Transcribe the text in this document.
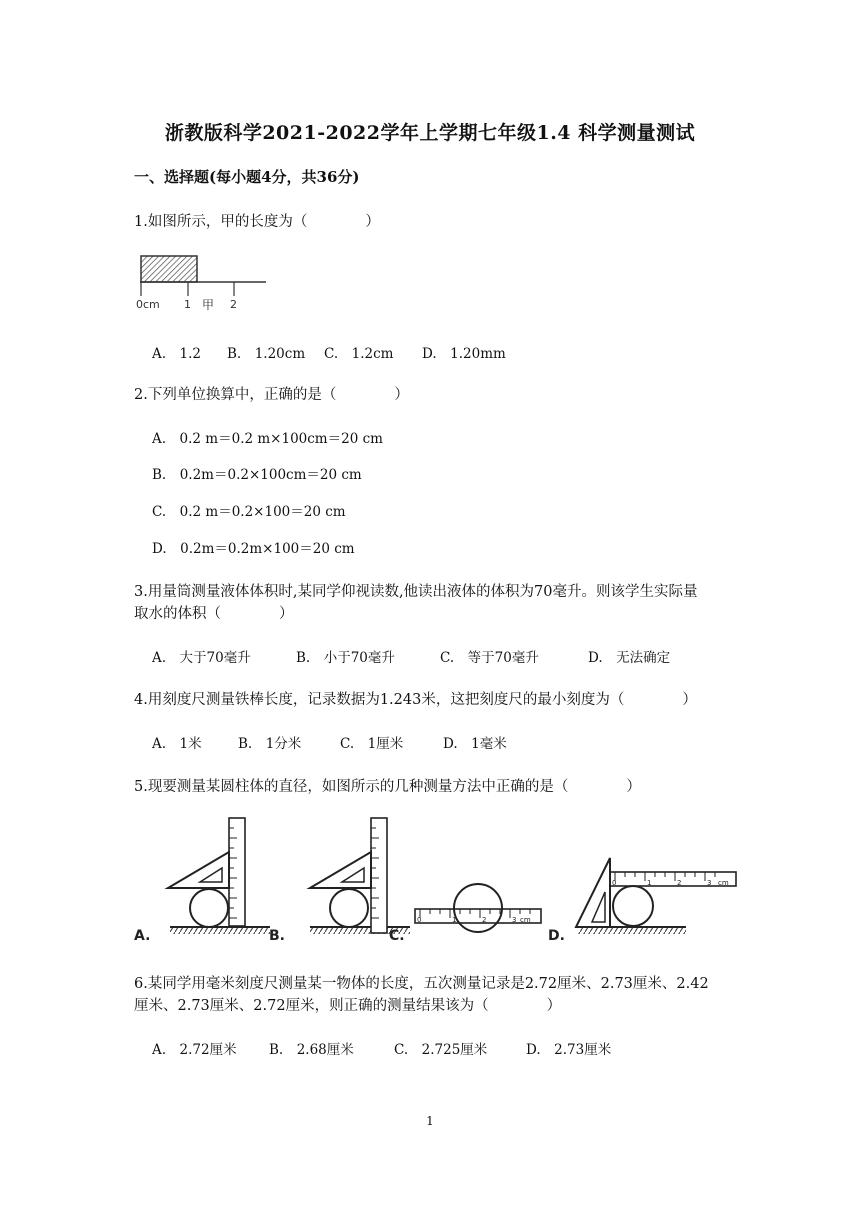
浙教版科学2021-2022学年上学期七年级1.4 科学测量测试
一、选择题(每小题4分，共36分)
1.如图所示，甲的长度为（　　　　）
0cm 1 甲 2
A.　1.2 B.　1.20cm C.　1.2cm D.　1.20mm
2.下列单位换算中，正确的是（　　　　）
A.　0.2 m＝0.2 m×100cm＝20 cm
B.　0.2m＝0.2×100cm＝20 cm
C.　0.2 m＝0.2×100＝20 cm
D.　0.2m＝0.2m×100＝20 cm
3.用量筒测量液体体积时,某同学仰视读数,他读出液体的体积为70毫升。则该学生实际量
取水的体积（　　　　）
A.　大于70毫升	B.　小于70毫升	C.　等于70毫升	D.　无法确定
4.用刻度尺测量铁棒长度，记录数据为1.243米，这把刻度尺的最小刻度为（　　　　）
A.　1米	B.　1分米	C.　1厘米	D.　1毫米
5.现要测量某圆柱体的直径，如图所示的几种测量方法中正确的是（　　　　）
A.	B.
0	1	2	3 cm
C.
0	1	2	3 cm
D.
6.某同学用毫米刻度尺测量某一物体的长度，五次测量记录是2.72厘米、2.73厘米、2.42
厘米、2.73厘米、2.72厘米，则正确的测量结果该为（　　　　）
A.　2.72厘米 B.　2.68厘米	C.　2.725厘米	D.　2.73厘米
1
